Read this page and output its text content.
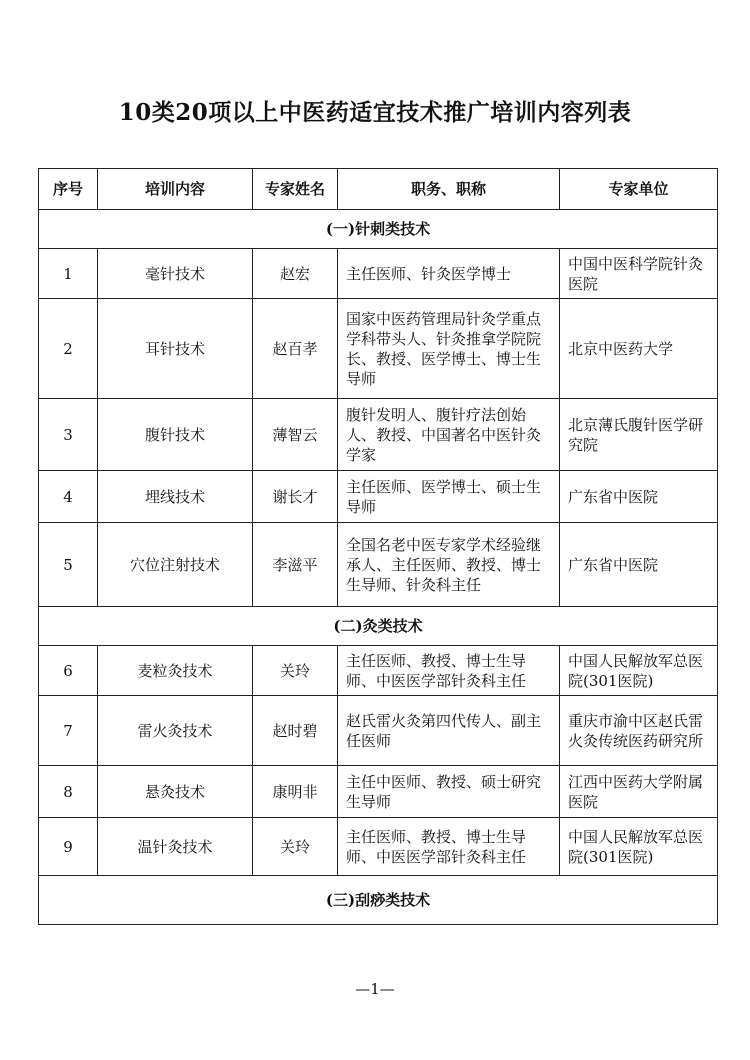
10类20项以上中医药适宜技术推广培训内容列表
序号	培训内容	专家姓名	职务、职称	专家单位
(一)针刺类技术				
1	毫针技术	赵宏	主任医师、针灸医学博士	中国中医科学院针灸医院
2	耳针技术	赵百孝	国家中医药管理局针灸学重点学科带头人、针灸推拿学院院长、教授、医学博士、博士生导师	北京中医药大学
3	腹针技术	薄智云	腹针发明人、腹针疗法创始人、教授、中国著名中医针灸学家	北京薄氏腹针医学研究院
4	埋线技术	谢长才	主任医师、医学博士、硕士生导师	广东省中医院
5	穴位注射技术	李滋平	全国名老中医专家学术经验继承人、主任医师、教授、博士生导师、针灸科主任	广东省中医院
(二)灸类技术				
6	麦粒灸技术	关玲	主任医师、教授、博士生导师、中医医学部针灸科主任	中国人民解放军总医院(301医院)
7	雷火灸技术	赵时碧	赵氏雷火灸第四代传人、副主任医师	重庆市渝中区赵氏雷火灸传统医药研究所
8	悬灸技术	康明非	主任中医师、教授、硕士研究生导师	江西中医药大学附属医院
9	温针灸技术	关玲	主任医师、教授、博士生导师、中医医学部针灸科主任	中国人民解放军总医院(301医院)
(三)刮痧类技术				
—1—
